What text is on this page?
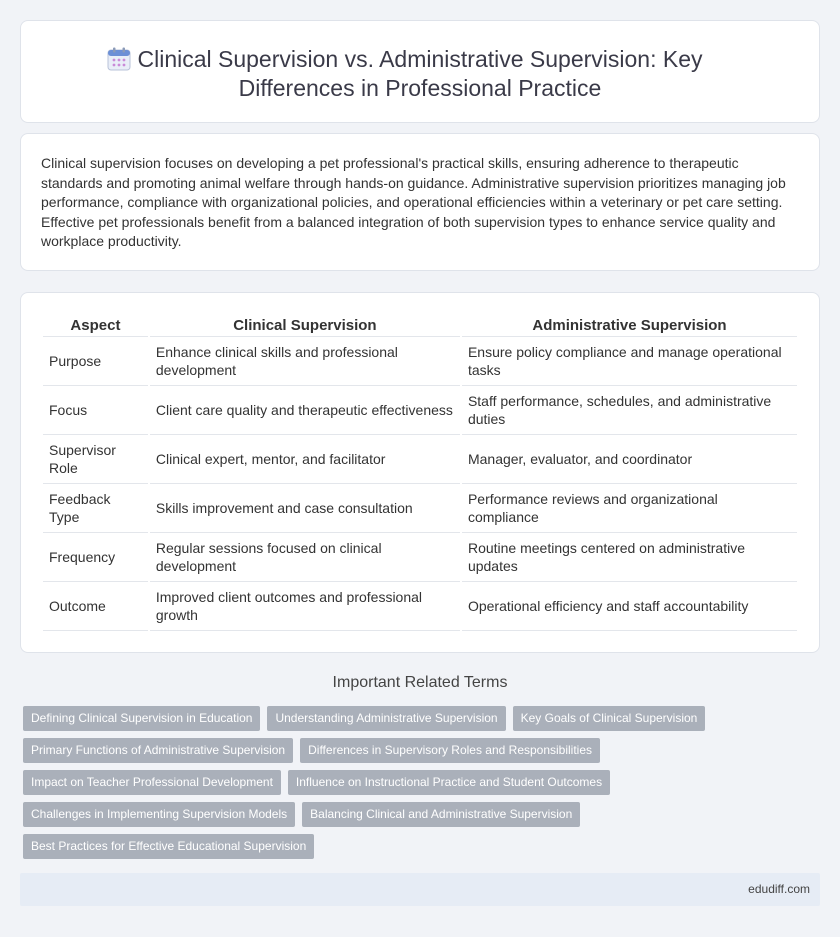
Clinical Supervision vs. Administrative Supervision: Key Differences in Professional Practice

Clinical supervision focuses on developing a pet professional's practical skills, ensuring adherence to therapeutic standards and promoting animal welfare through hands-on guidance. Administrative supervision prioritizes managing job performance, compliance with organizational policies, and operational efficiencies within a veterinary or pet care setting. Effective pet professionals benefit from a balanced integration of both supervision types to enhance service quality and workplace productivity.

Aspect	Clinical Supervision	Administrative Supervision
Purpose	Enhance clinical skills and professional development	Ensure policy compliance and manage operational tasks
Focus	Client care quality and therapeutic effectiveness	Staff performance, schedules, and administrative duties
Supervisor Role	Clinical expert, mentor, and facilitator	Manager, evaluator, and coordinator
Feedback Type	Skills improvement and case consultation	Performance reviews and organizational compliance
Frequency	Regular sessions focused on clinical development	Routine meetings centered on administrative updates
Outcome	Improved client outcomes and professional growth	Operational efficiency and staff accountability
Important Related Terms
Defining Clinical Supervision in Education	Understanding Administrative Supervision	Key Goals of Clinical Supervision
Primary Functions of Administrative Supervision	Differences in Supervisory Roles and Responsibilities
Impact on Teacher Professional Development	Influence on Instructional Practice and Student Outcomes
Challenges in Implementing Supervision Models	Balancing Clinical and Administrative Supervision
Best Practices for Effective Educational Supervision
edudiff.com
